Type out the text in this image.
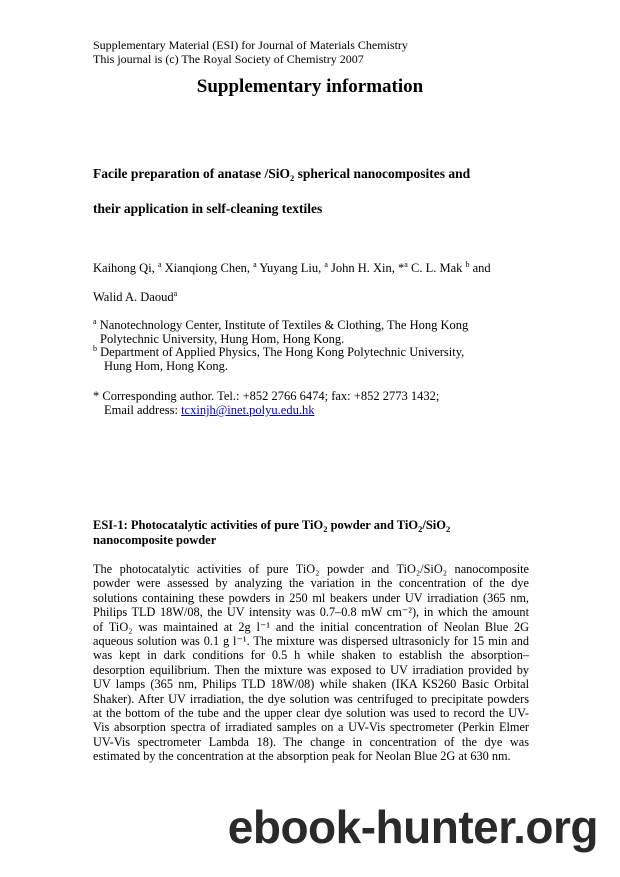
Supplementary Material (ESI) for Journal of Materials Chemistry
This journal is (c) The Royal Society of Chemistry 2007
Supplementary information
Facile preparation of anatase /SiO$_2$ spherical nanocomposites and
their application in self-cleaning textiles
Kaihong Qi, $^a$ Xianqiong Chen, $^a$ Yuyang Liu, $^a$ John H. Xin, *$^a$ C. L. Mak $^b$ and
Walid A. Daoud$^a$
$^a$ Nanotechnology Center, Institute of Textiles & Clothing, The Hong Kong
Polytechnic University, Hung Hom, Hong Kong.
$^b$ Department of Applied Physics, The Hong Kong Polytechnic University,
Hung Hom, Hong Kong.
* Corresponding author. Tel.: +852 2766 6474; fax: +852 2773 1432;
Email address: tcxinjh@inet.polyu.edu.hk
ESI-1: Photocatalytic activities of pure TiO$_2$ powder and TiO$_2$/SiO$_2$
nanocomposite powder
The photocatalytic activities of pure TiO₂ powder and TiO₂/SiO₂ nanocomposite
powder were assessed by analyzing the variation in the concentration of the dye
solutions containing these powders in 250 ml beakers under UV irradiation (365 nm,
Philips TLD 18W/08, the UV intensity was 0.7–0.8 mW cm⁻²), in which the amount
of TiO₂ was maintained at 2g l⁻¹ and the initial concentration of Neolan Blue 2G
aqueous solution was 0.1 g l⁻¹. The mixture was dispersed ultrasonicly for 15 min and
was kept in dark conditions for 0.5 h while shaken to establish the absorption–
desorption equilibrium. Then the mixture was exposed to UV irradiation provided by
UV lamps (365 nm, Philips TLD 18W/08) while shaken (IKA KS260 Basic Orbital
Shaker). After UV irradiation, the dye solution was centrifuged to precipitate powders
at the bottom of the tube and the upper clear dye solution was used to record the UV-
Vis absorption spectra of irradiated samples on a UV-Vis spectrometer (Perkin Elmer
UV-Vis spectrometer Lambda 18). The change in concentration of the dye was
estimated by the concentration at the absorption peak for Neolan Blue 2G at 630 nm.
ebook-hunter.org
